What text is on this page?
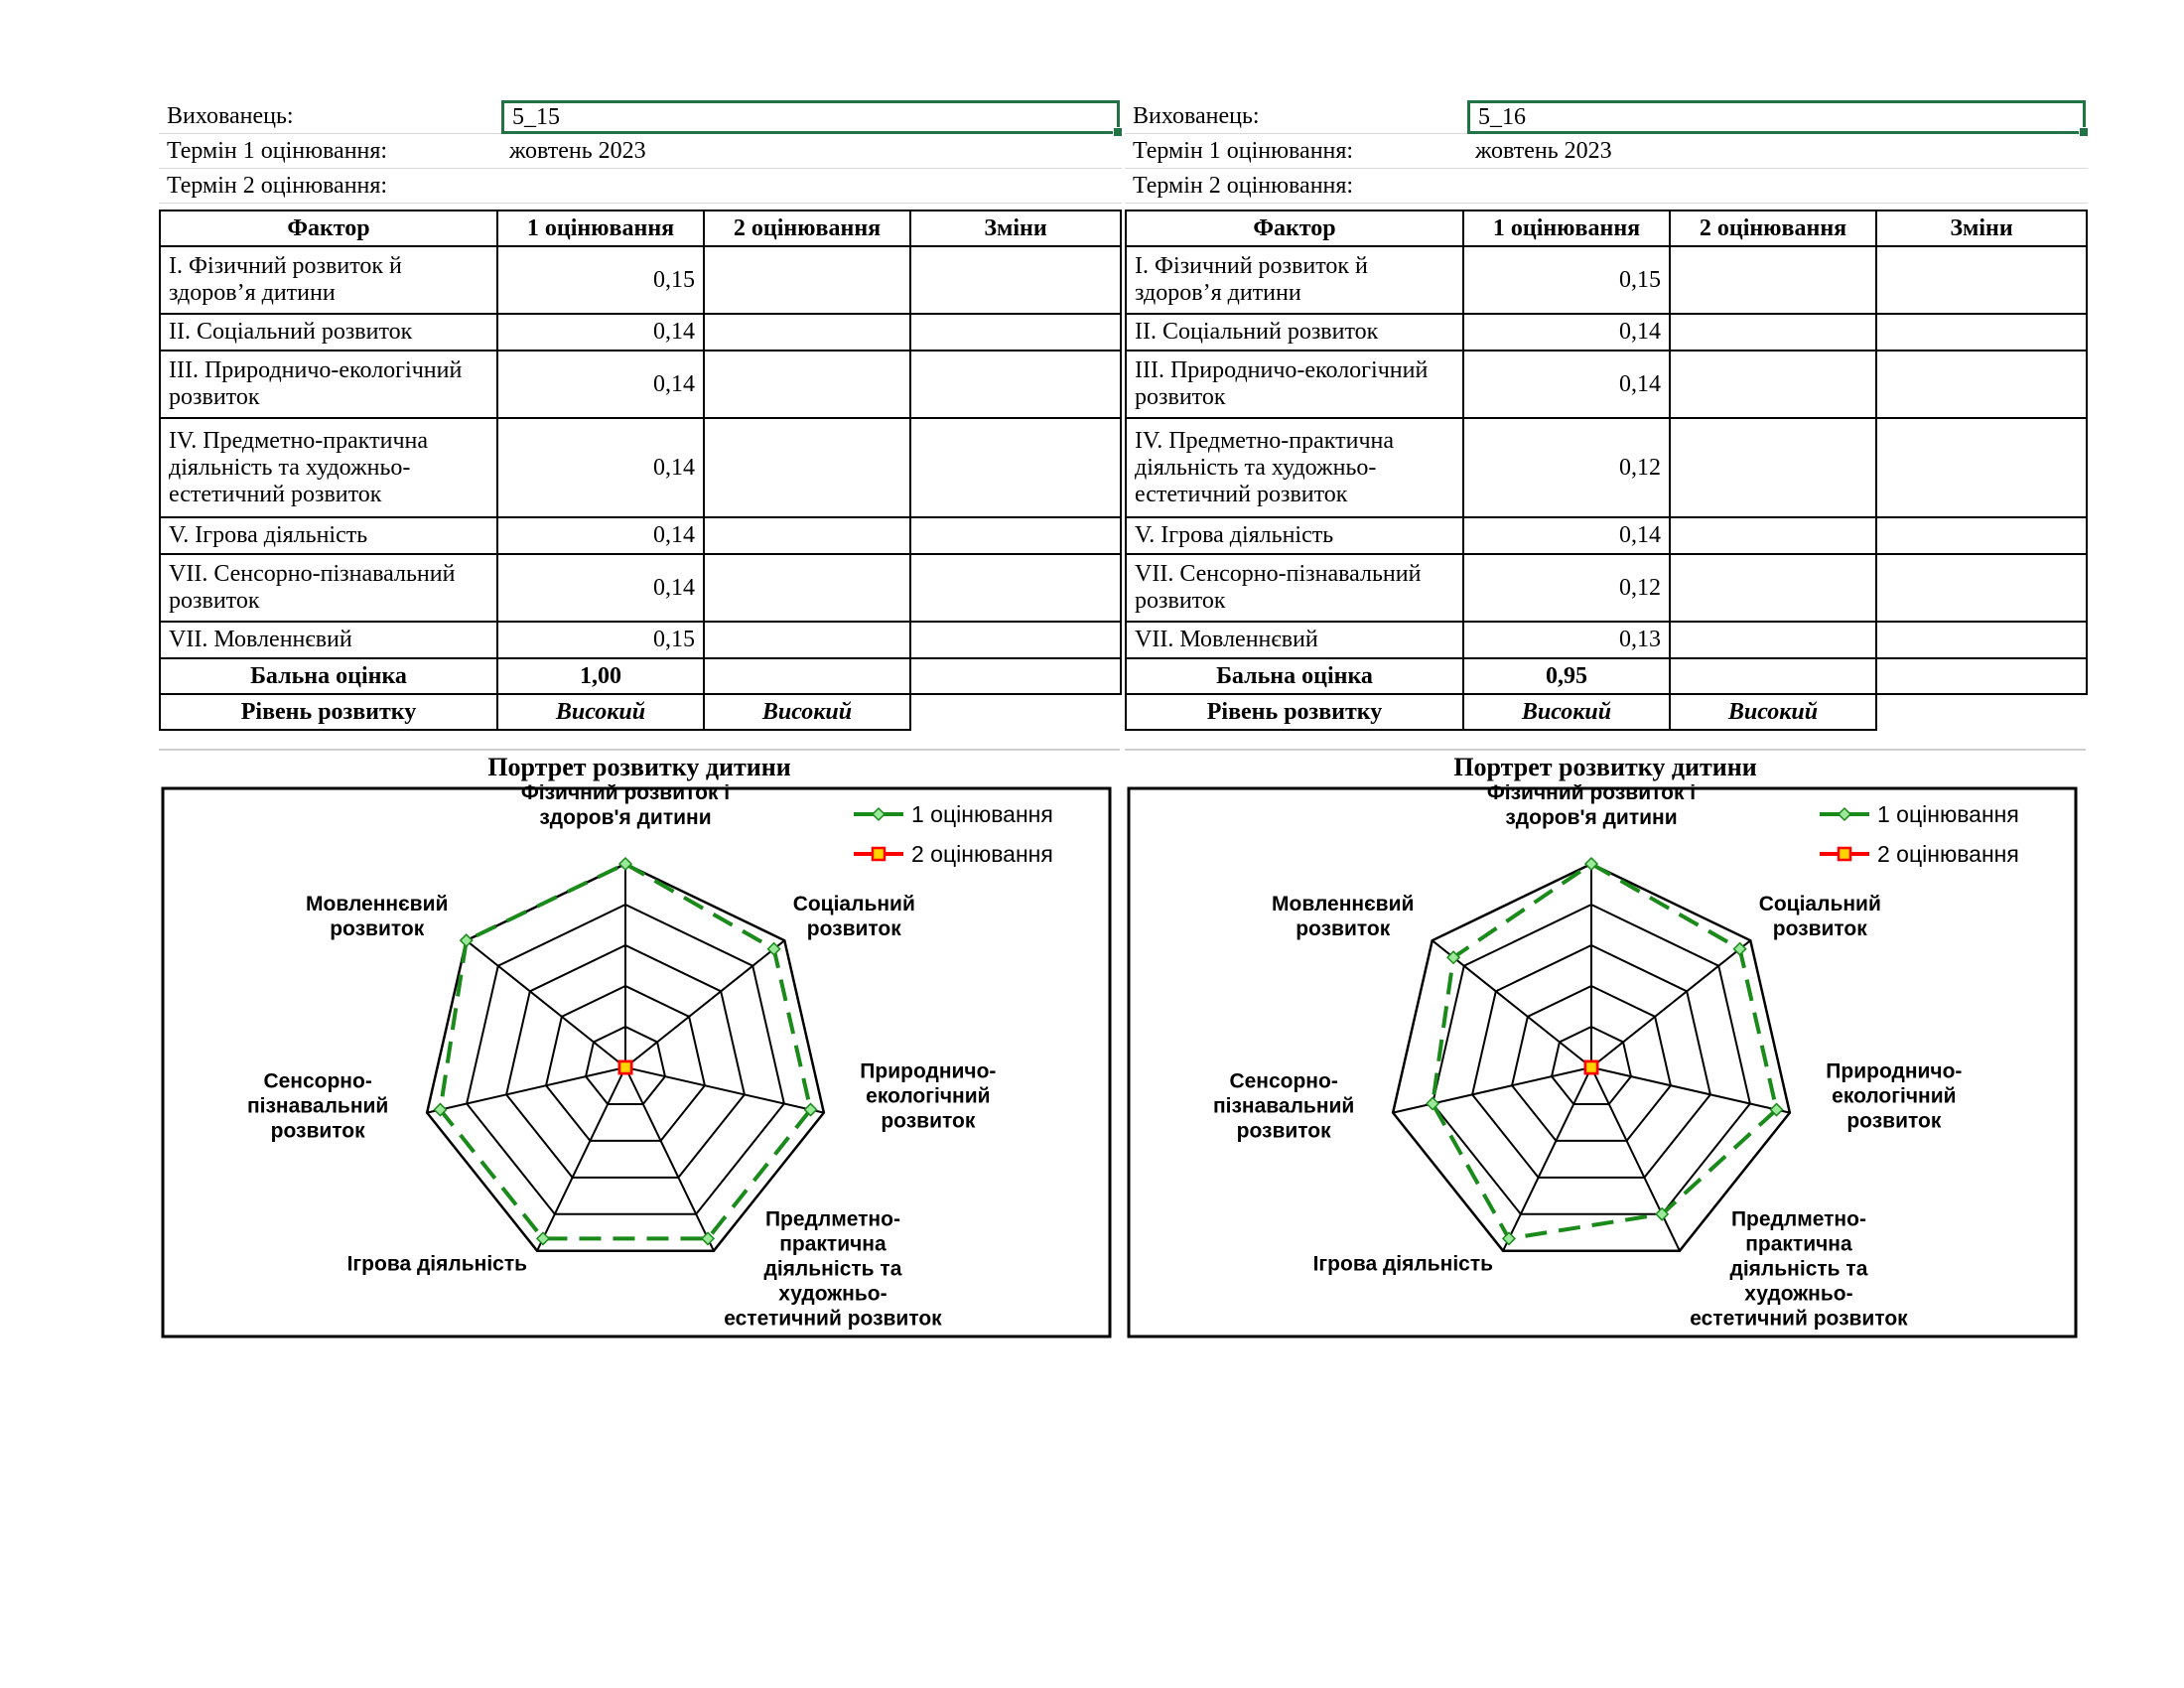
Вихованець:	5_15
Термін 1 оцінювання:	жовтень 2023
Термін 2 оцінювання:
Фактор	1 оцінювання	2 оцінювання	Зміни
І. Фізичний розвиток й здоров’я дитини	0,15		
ІІ. Соціальний розвиток	0,14		
ІІІ. Природничо-екологічний розвиток	0,14		
IV. Предметно-практична діяльність та художньо-естетичний розвиток	0,14		
V. Ігрова діяльність	0,14		
VІІ. Сенсорно-пізнавальний розвиток	0,14		
VІІ. Мовленнєвий	0,15		
Бальна оцінка	1,00		
Рівень розвитку	Високий	Високий	
Портрет розвитку дитини
Фізичний розвиток і здоров'я дитини
Соціальний розвиток
Природничо-екологічний розвиток
Предлметно-практична діяльність та художньо-естетичний розвиток
Ігрова діяльність
Сенсорно-пізнавальний розвиток
Мовленнєвий розвиток
1 оцінювання
2 оцінювання
Вихованець:	5_16
Термін 1 оцінювання:	жовтень 2023
Термін 2 оцінювання:
Фактор	1 оцінювання	2 оцінювання	Зміни
І. Фізичний розвиток й здоров’я дитини	0,15		
ІІ. Соціальний розвиток	0,14		
ІІІ. Природничо-екологічний розвиток	0,14		
IV. Предметно-практична діяльність та художньо-естетичний розвиток	0,12		
V. Ігрова діяльність	0,14		
VІІ. Сенсорно-пізнавальний розвиток	0,12		
VІІ. Мовленнєвий	0,13		
Бальна оцінка	0,95		
Рівень розвитку	Високий	Високий	
Портрет розвитку дитини
Фізичний розвиток і здоров'я дитини
Соціальний розвиток
Природничо-екологічний розвиток
Предлметно-практична діяльність та художньо-естетичний розвиток
Ігрова діяльність
Сенсорно-пізнавальний розвиток
Мовленнєвий розвиток
1 оцінювання
2 оцінювання
